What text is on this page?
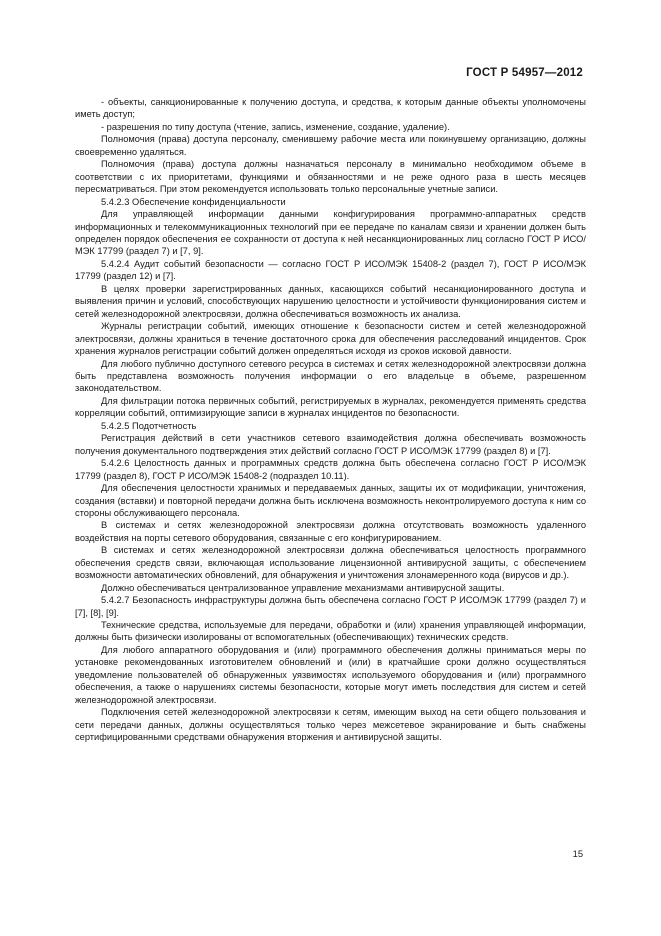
ГОСТ Р 54957—2012

- объекты, санкционированные к получению доступа, и средства, к которым данные объекты уполномочены иметь доступ;

- разрешения по типу доступа (чтение, запись, изменение, создание, удаление).

Полномочия (права) доступа персоналу, сменившему рабочие места или покинувшему организацию, должны своевременно удаляться.

Полномочия (права) доступа должны назначаться персоналу в минимально необходимом объеме в соответствии с их приоритетами, функциями и обязанностями и не реже одного раза в шесть месяцев пересматриваться. При этом рекомендуется использовать только персональные учетные записи.

5.4.2.3 Обеспечение конфиденциальности

Для управляющей информации данными конфигурирования программно-аппаратных средств информационных и телекоммуникационных технологий при ее передаче по каналам связи и хранении должен быть определен порядок обеспечения ее сохранности от доступа к ней несанкционированных лиц согласно ГОСТ Р ИСО/МЭК 17799 (раздел 7) и [7, 9].

5.4.2.4 Аудит событий безопасности — согласно ГОСТ Р ИСО/МЭК 15408-2 (раздел 7), ГОСТ Р ИСО/МЭК 17799 (раздел 12) и [7].

В целях проверки зарегистрированных данных, касающихся событий несанкционированного доступа и выявления причин и условий, способствующих нарушению целостности и устойчивости функционирования систем и сетей железнодорожной электросвязи, должна обеспечиваться возможность их анализа.

Журналы регистрации событий, имеющих отношение к безопасности систем и сетей железнодорожной электросвязи, должны храниться в течение достаточного срока для обеспечения расследований инцидентов. Срок хранения журналов регистрации событий должен определяться исходя из сроков исковой давности.

Для любого публично доступного сетевого ресурса в системах и сетях железнодорожной электросвязи должна быть представлена возможность получения информации о его владельце в объеме, разрешенном законодательством.

Для фильтрации потока первичных событий, регистрируемых в журналах, рекомендуется применять средства корреляции событий, оптимизирующие записи в журналах инцидентов по безопасности.

5.4.2.5 Подотчетность

Регистрация действий в сети участников сетевого взаимодействия должна обеспечивать возможность получения документального подтверждения этих действий согласно ГОСТ Р ИСО/МЭК 17799 (раздел 8) и [7].

5.4.2.6 Целостность данных и программных средств должна быть обеспечена согласно ГОСТ Р ИСО/МЭК 17799 (раздел 8), ГОСТ Р ИСО/МЭК 15408-2 (подраздел 10.11).

Для обеспечения целостности хранимых и передаваемых данных, защиты их от модификации, уничтожения, создания (вставки) и повторной передачи должна быть исключена возможность неконтролируемого доступа к ним со стороны обслуживающего персонала.

В системах и сетях железнодорожной электросвязи должна отсутствовать возможность удаленного воздействия на порты сетевого оборудования, связанные с его конфигурированием.

В системах и сетях железнодорожной электросвязи должна обеспечиваться целостность программного обеспечения средств связи, включающая использование лицензионной антивирусной защиты, с обеспечением возможности автоматических обновлений, для обнаружения и уничтожения злонамеренного кода (вирусов и др.).

Должно обеспечиваться централизованное управление механизмами антивирусной защиты.

5.4.2.7 Безопасность инфраструктуры должна быть обеспечена согласно ГОСТ Р ИСО/МЭК 17799 (раздел 7) и [7], [8], [9].

Технические средства, используемые для передачи, обработки и (или) хранения управляющей информации, должны быть физически изолированы от вспомогательных (обеспечивающих) технических средств.

Для любого аппаратного оборудования и (или) программного обеспечения должны приниматься меры по установке рекомендованных изготовителем обновлений и (или) в кратчайшие сроки должно осуществляться уведомление пользователей об обнаруженных уязвимостях используемого оборудования и (или) программного обеспечения, а также о нарушениях системы безопасности, которые могут иметь последствия для систем и сетей железнодорожной электросвязи.

Подключения сетей железнодорожной электросвязи к сетям, имеющим выход на сети общего пользования и сети передачи данных, должны осуществляться только через межсетевое экранирование и быть снабжены сертифицированными средствами обнаружения вторжения и антивирусной защиты.

15
